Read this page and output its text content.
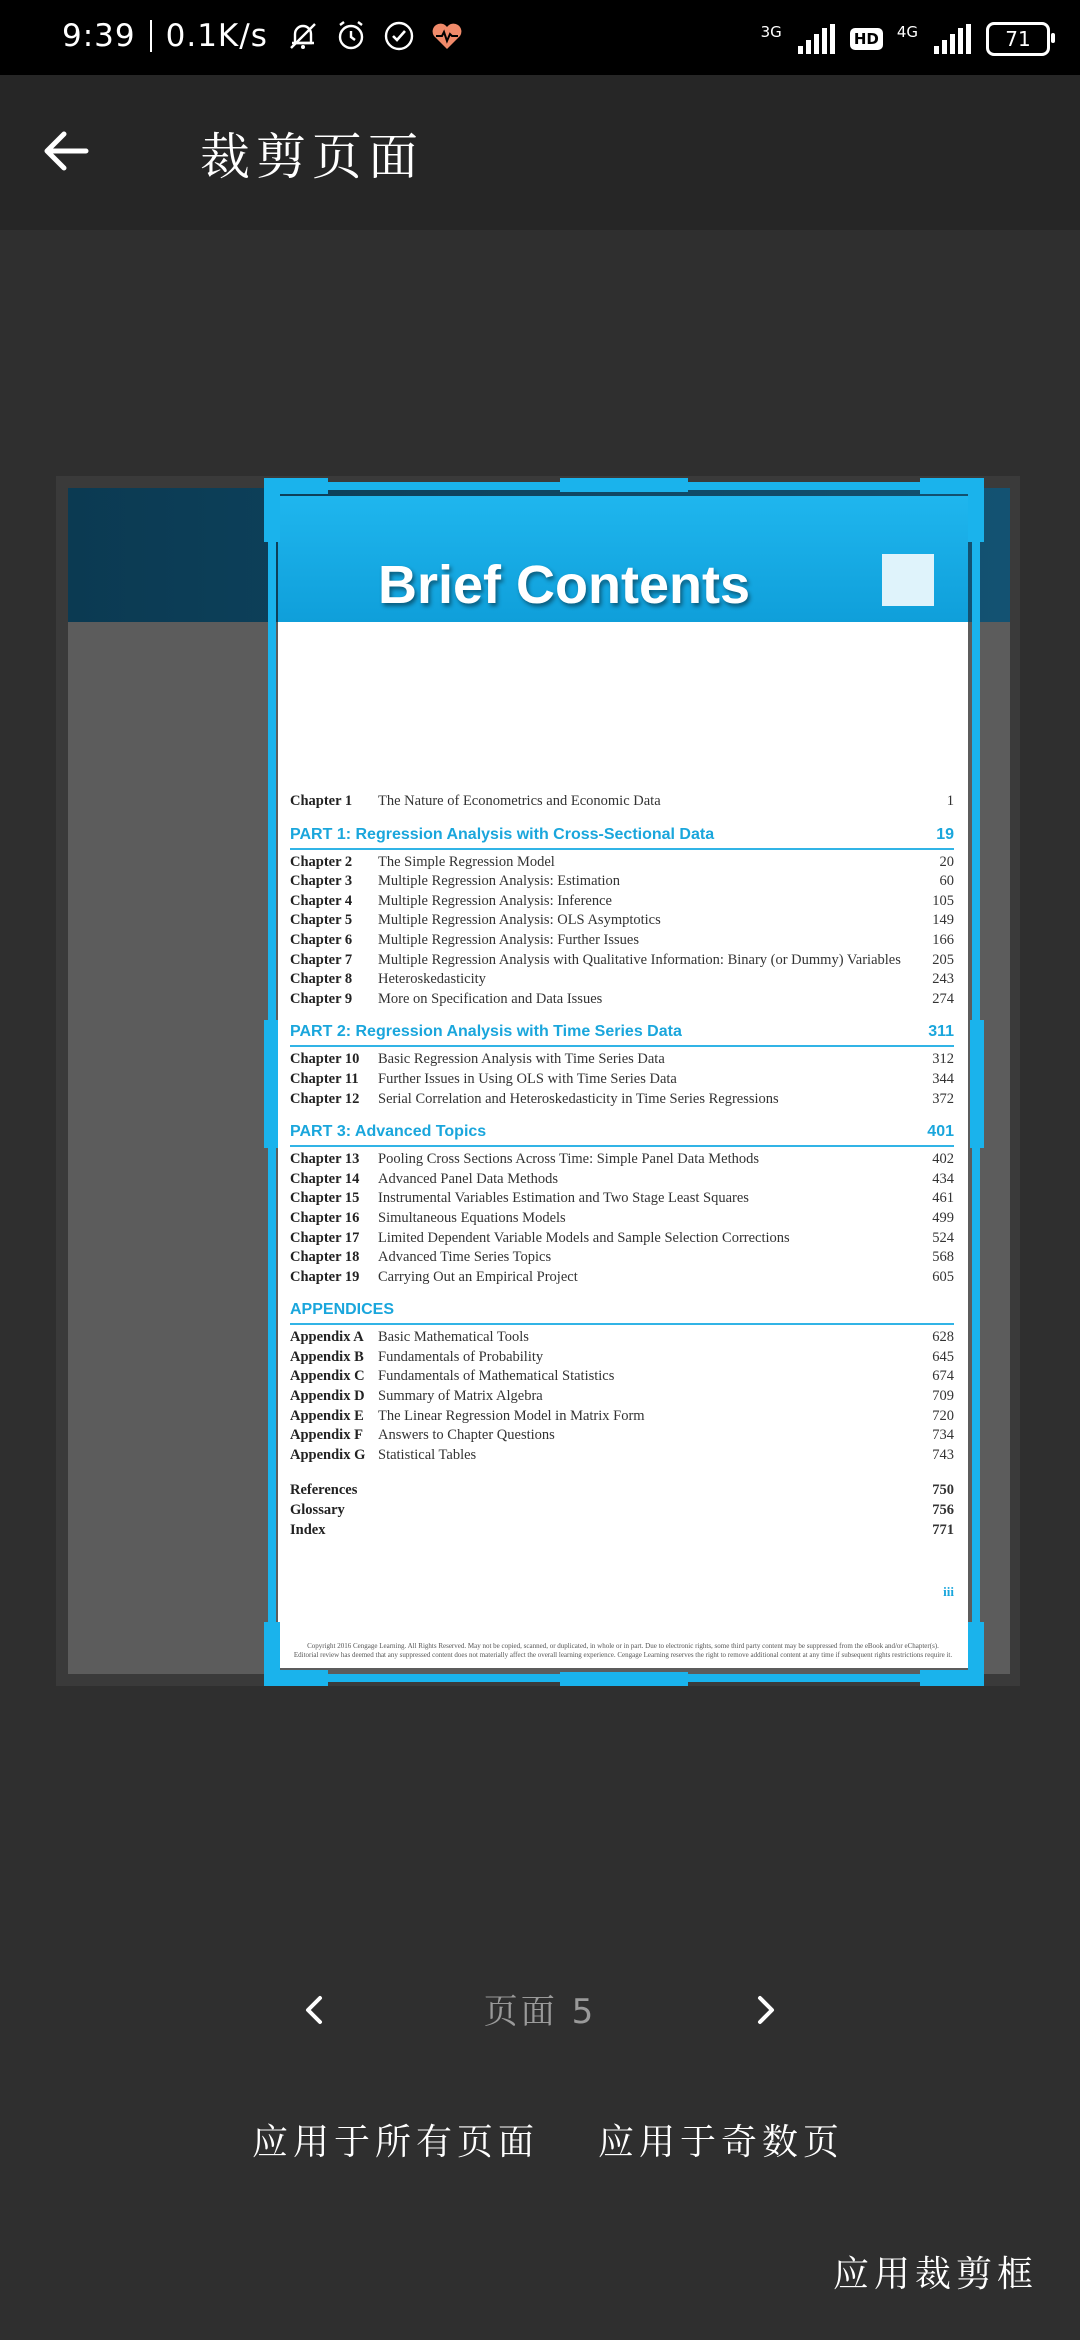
9:39 0.1K/s	3G	HD 4G	71
裁剪页面
Brief Contents
Chapter 1	The Nature of Econometrics and Economic Data	1
PART 1: Regression Analysis with Cross-Sectional Data	19
Chapter 2	The Simple Regression Model	20
Chapter 3	Multiple Regression Analysis: Estimation	60
Chapter 4	Multiple Regression Analysis: Inference	105
Chapter 5	Multiple Regression Analysis: OLS Asymptotics	149
Chapter 6	Multiple Regression Analysis: Further Issues	166
Chapter 7	Multiple Regression Analysis with Qualitative Information: Binary (or Dummy) Variables	205
Chapter 8	Heteroskedasticity	243
Chapter 9	More on Specification and Data Issues	274
PART 2: Regression Analysis with Time Series Data	311
Chapter 10	Basic Regression Analysis with Time Series Data	312
Chapter 11	Further Issues in Using OLS with Time Series Data	344
Chapter 12	Serial Correlation and Heteroskedasticity in Time Series Regressions	372
PART 3: Advanced Topics	401
Chapter 13	Pooling Cross Sections Across Time: Simple Panel Data Methods	402
Chapter 14	Advanced Panel Data Methods	434
Chapter 15	Instrumental Variables Estimation and Two Stage Least Squares	461
Chapter 16	Simultaneous Equations Models	499
Chapter 17	Limited Dependent Variable Models and Sample Selection Corrections	524
Chapter 18	Advanced Time Series Topics	568
Chapter 19	Carrying Out an Empirical Project	605
APPENDICES
Appendix A Basic Mathematical Tools	628
Appendix B Fundamentals of Probability	645
Appendix C Fundamentals of Mathematical Statistics	674
Appendix D Summary of Matrix Algebra	709
Appendix E The Linear Regression Model in Matrix Form	720
Appendix F	Answers to Chapter Questions	734
Appendix G Statistical Tables	743
References	750
Glossary	756
Index	771
iii
Copyright 2016 Cengage Learning. All Rights Reserved. May not be copied, scanned, or duplicated, in whole or in part. Due to electronic rights, some third party content may be suppressed from the eBook and/or eChapter(s).
Editorial review has deemed that any suppressed content does not materially affect the overall learning experience. Cengage Learning reserves the right to remove additional content at any time if subsequent rights restrictions require it.
页面 5
应用于所有页面 应用于奇数页
应用裁剪框
